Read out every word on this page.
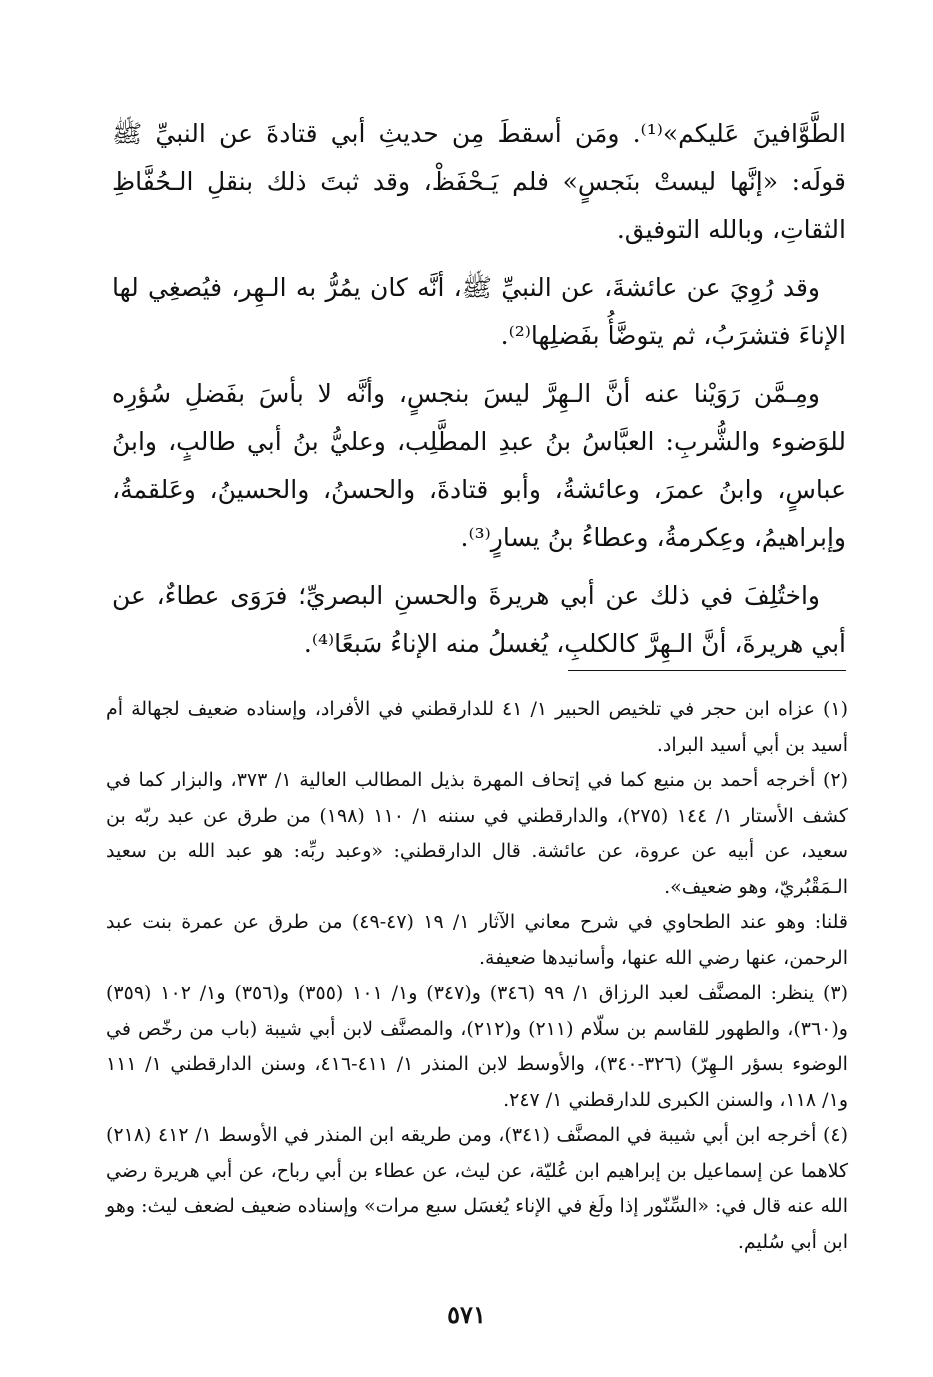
الطَّوَّافينَ عَليكم»⁽¹⁾. ومَن أسقطَ مِن حديثِ أبي قتادةَ عن النبيِّ ﷺ قولَه: «إنَّها ليستْ بنَجسٍ» فلم يَـحْفَظْ، وقد ثبتَ ذلك بنقلِ الـحُفَّاظِ الثقاتِ، وبالله التوفيق.

وقد رُوِيَ عن عائشةَ، عن النبيِّ ﷺ، أنَّه كان يمُرُّ به الـهِر، فيُصغِي لها الإناءَ فتشرَبُ، ثم يتوضَّأُ بفَضلِها⁽²⁾.

ومِـمَّن رَوَيْنا عنه أنَّ الـهِرَّ ليسَ بنجسٍ، وأنَّه لا بأسَ بفَضلِ سُؤرِه للوَضوء والشُّربِ: العبَّاسُ بنُ عبدِ المطَّلِب، وعليُّ بنُ أبي طالبٍ، وابنُ عباسٍ، وابنُ عمرَ، وعائشةُ، وأبو قتادةَ، والحسنُ، والحسينُ، وعَلقمةُ، وإبراهيمُ، وعِكرمةُ، وعطاءُ بنُ يسارٍ⁽³⁾.

واختُلِفَ في ذلك عن أبي هريرةَ والحسنِ البصريِّ؛ فرَوَى عطاءٌ، عن أبي هريرةَ، أنَّ الـهِرَّ كالكلبِ، يُغسلُ منه الإناءُ سَبعًا⁽⁴⁾.

(١) عزاه ابن حجر في تلخيص الحبير ١/ ٤١ للدارقطني في الأفراد، وإسناده ضعيف لجهالة أم أسيد بن أبي أسيد البراد.

(٢) أخرجه أحمد بن منيع كما في إتحاف المهرة بذيل المطالب العالية ١/ ٣٧٣، والبزار كما في كشف الأستار ١/ ١٤٤ (٢٧٥)، والدارقطني في سننه ١/ ١١٠ (١٩٨) من طرق عن عبد ربّه بن سعيد، عن أبيه عن عروة، عن عائشة. قال الدارقطني: «وعبد ربِّه: هو عبد الله بن سعيد الـمَقْبُريّ، وهو ضعيف».

قلنا: وهو عند الطحاوي في شرح معاني الآثار ١/ ١٩ (٤٧-٤٩) من طرق عن عمرة بنت عبد الرحمن، عنها رضي الله عنها، وأسانيدها ضعيفة.

(٣) ينظر: المصنَّف لعبد الرزاق ١/ ٩٩ (٣٤٦) و(٣٤٧) و١/ ١٠١ (٣٥٥) و(٣٥٦) و١/ ١٠٢ (٣٥٩) و(٣٦٠)، والطهور للقاسم بن سلّام (٢١١) و(٢١٢)، والمصنَّف لابن أبي شيبة (باب من رخّص في الوضوء بسؤر الـهِرّ) (٣٢٦-٣٤٠)، والأوسط لابن المنذر ١/ ٤١١-٤١٦، وسنن الدارقطني ١/ ١١١ و١/ ١١٨، والسنن الكبرى للدارقطني ١/ ٢٤٧.

(٤) أخرجه ابن أبي شيبة في المصنَّف (٣٤١)، ومن طريقه ابن المنذر في الأوسط ١/ ٤١٢ (٢١٨) كلاهما عن إسماعيل بن إبراهيم ابن عُليّة، عن ليث، عن عطاء بن أبي رباح، عن أبي هريرة رضي الله عنه قال في: «السِّنّور إذا ولَغ في الإناء يُغسَل سبع مرات» وإسناده ضعيف لضعف ليث: وهو ابن أبي سُليم.

٥٧١
